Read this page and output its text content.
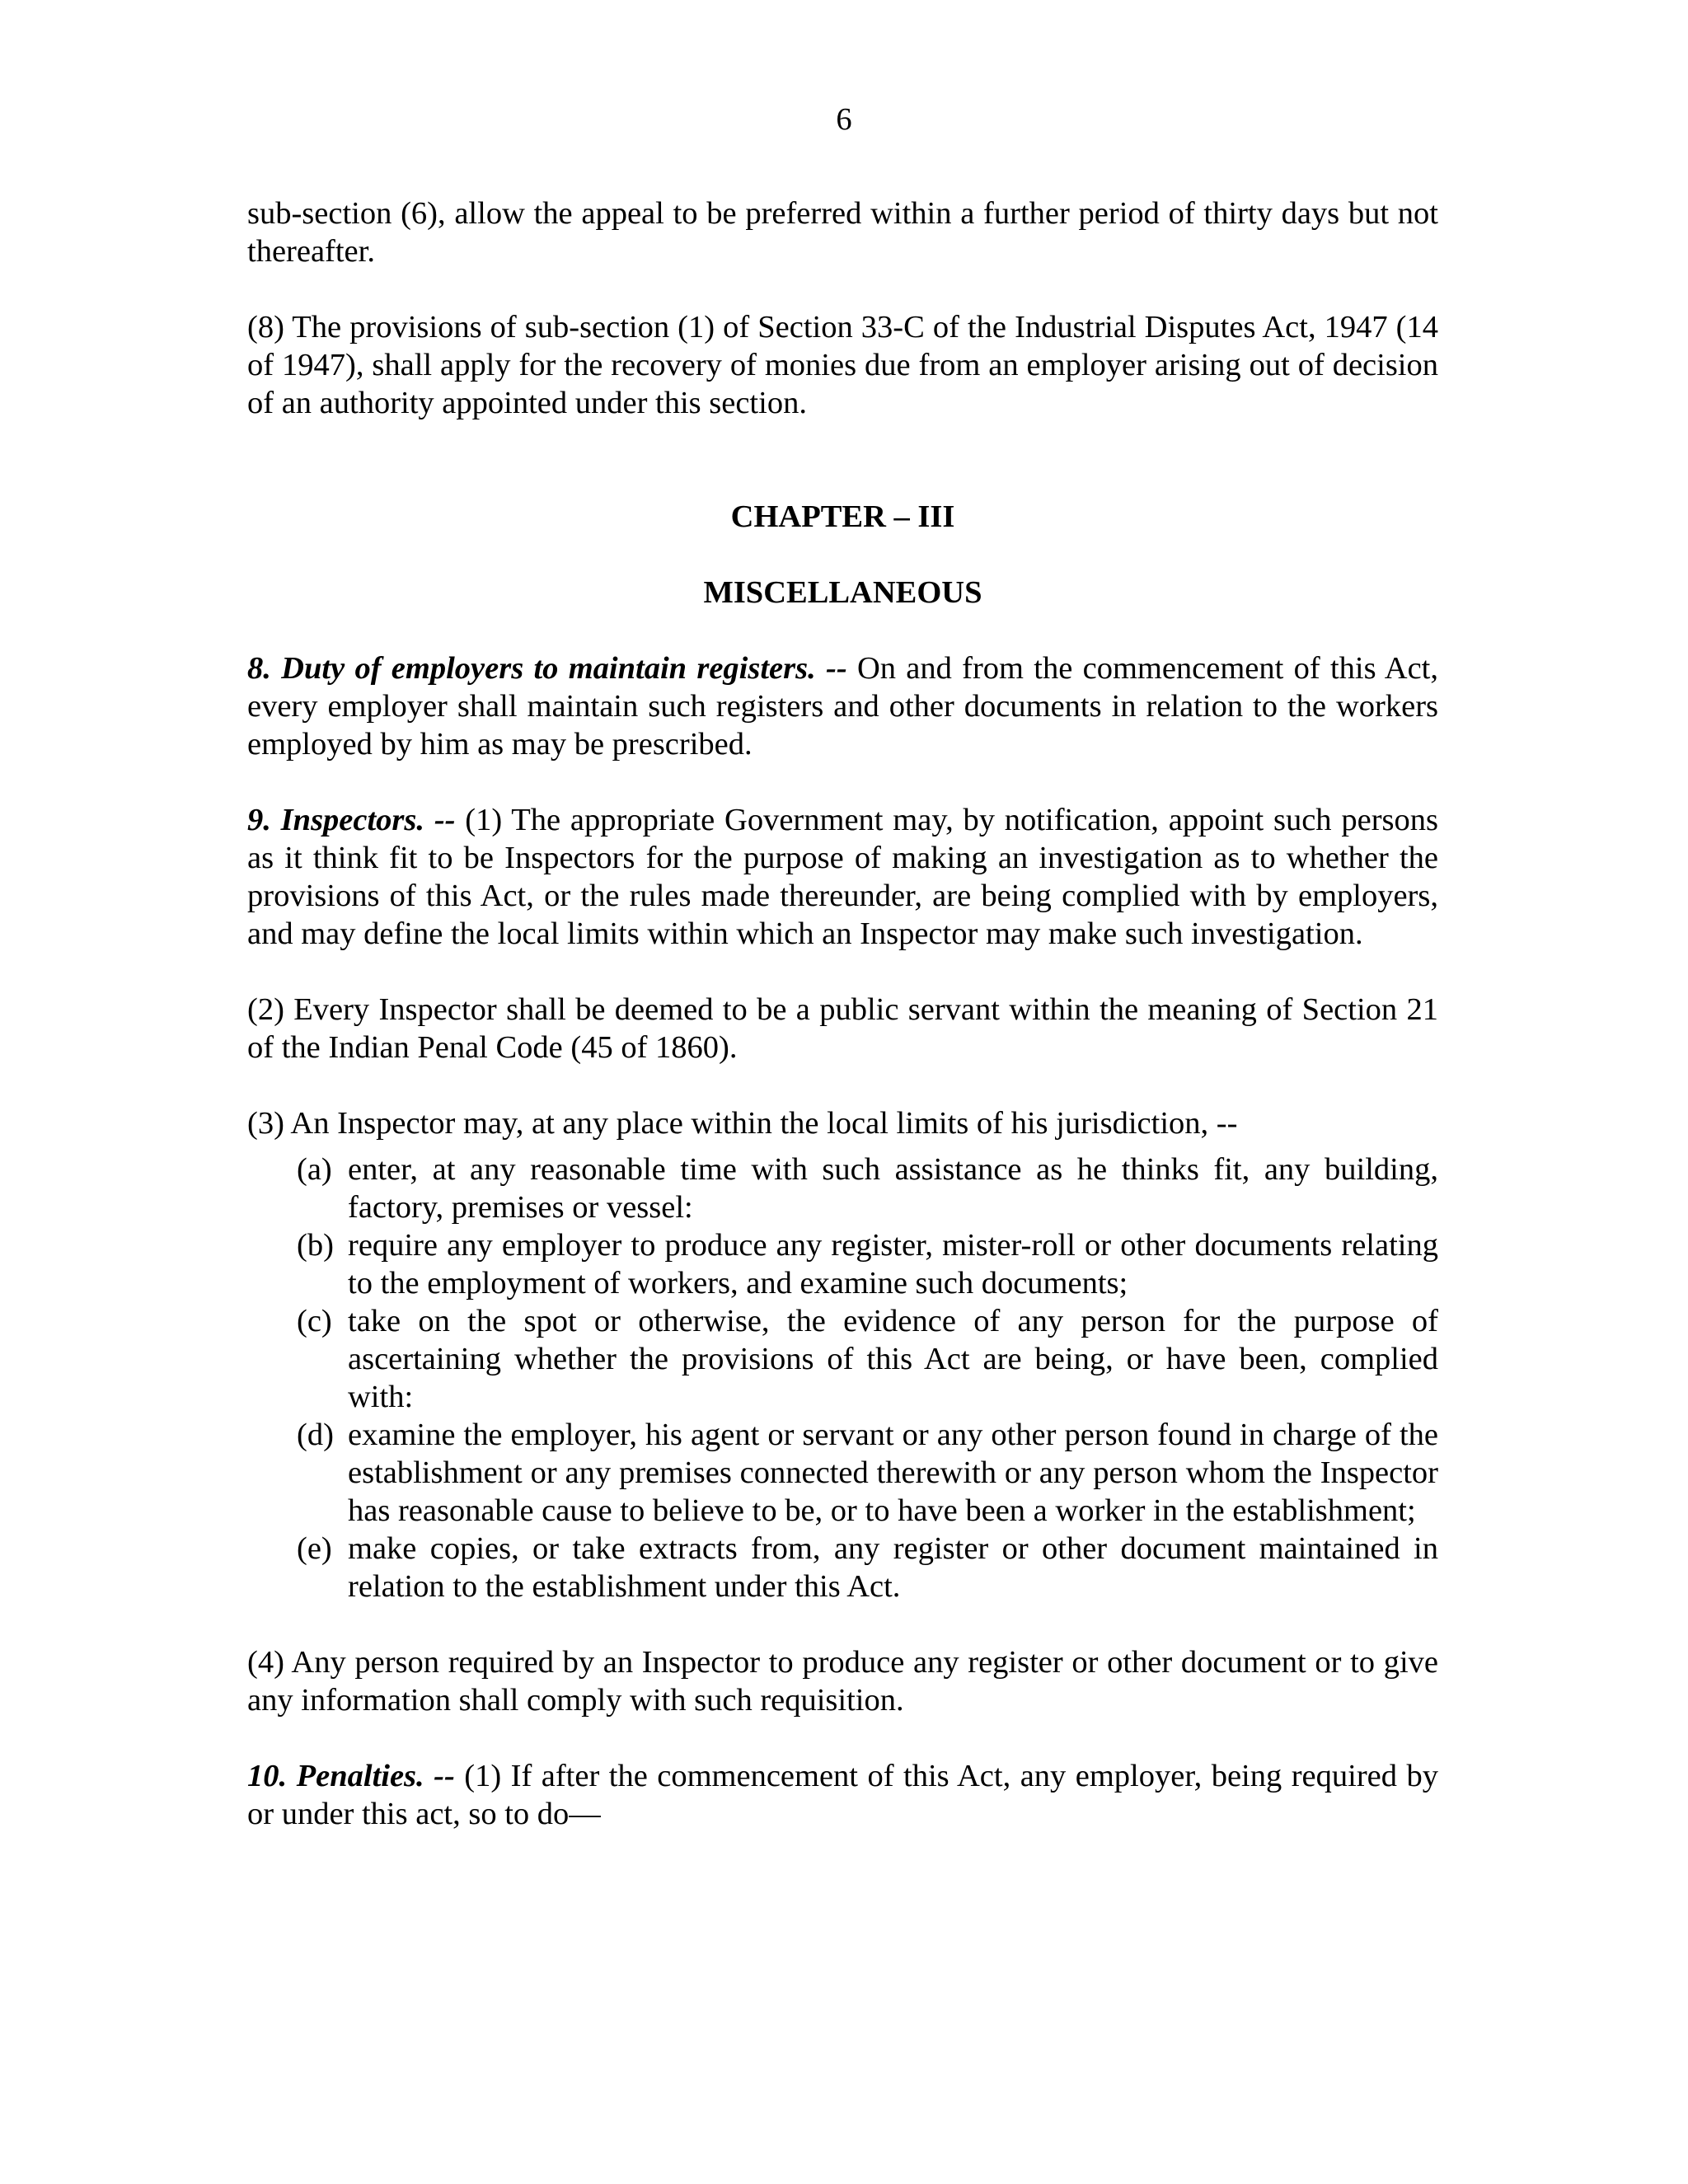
6

sub-section (6), allow the appeal to be preferred within a further period of thirty days but not thereafter.

(8) The provisions of sub-section (1) of Section 33-C of the Industrial Disputes Act, 1947 (14 of 1947), shall apply for the recovery of monies due from an employer arising out of decision of an authority appointed under this section.

CHAPTER – III
MISCELLANEOUS

8. Duty of employers to maintain registers. -- On and from the commencement of this Act, every employer shall maintain such registers and other documents in relation to the workers employed by him as may be prescribed.

9. Inspectors. -- (1) The appropriate Government may, by notification, appoint such persons as it think fit to be Inspectors for the purpose of making an investigation as to whether the provisions of this Act, or the rules made thereunder, are being complied with by employers, and may define the local limits within which an Inspector may make such investigation.

(2) Every Inspector shall be deemed to be a public servant within the meaning of Section 21 of the Indian Penal Code (45 of 1860).

(3) An Inspector may, at any place within the local limits of his jurisdiction, --

(a) enter, at any reasonable time with such assistance as he thinks fit, any building, factory, premises or vessel:
(b) require any employer to produce any register, mister-roll or other documents relating to the employment of workers, and examine such documents;
(c) take on the spot or otherwise, the evidence of any person for the purpose of ascertaining whether the provisions of this Act are being, or have been, complied with:
(d) examine the employer, his agent or servant or any other person found in charge of the establishment or any premises connected therewith or any person whom the Inspector has reasonable cause to believe to be, or to have been a worker in the establishment;
(e) make copies, or take extracts from, any register or other document maintained in relation to the establishment under this Act.

(4) Any person required by an Inspector to produce any register or other document or to give any information shall comply with such requisition.

10. Penalties. -- (1) If after the commencement of this Act, any employer, being required by or under this act, so to do—
